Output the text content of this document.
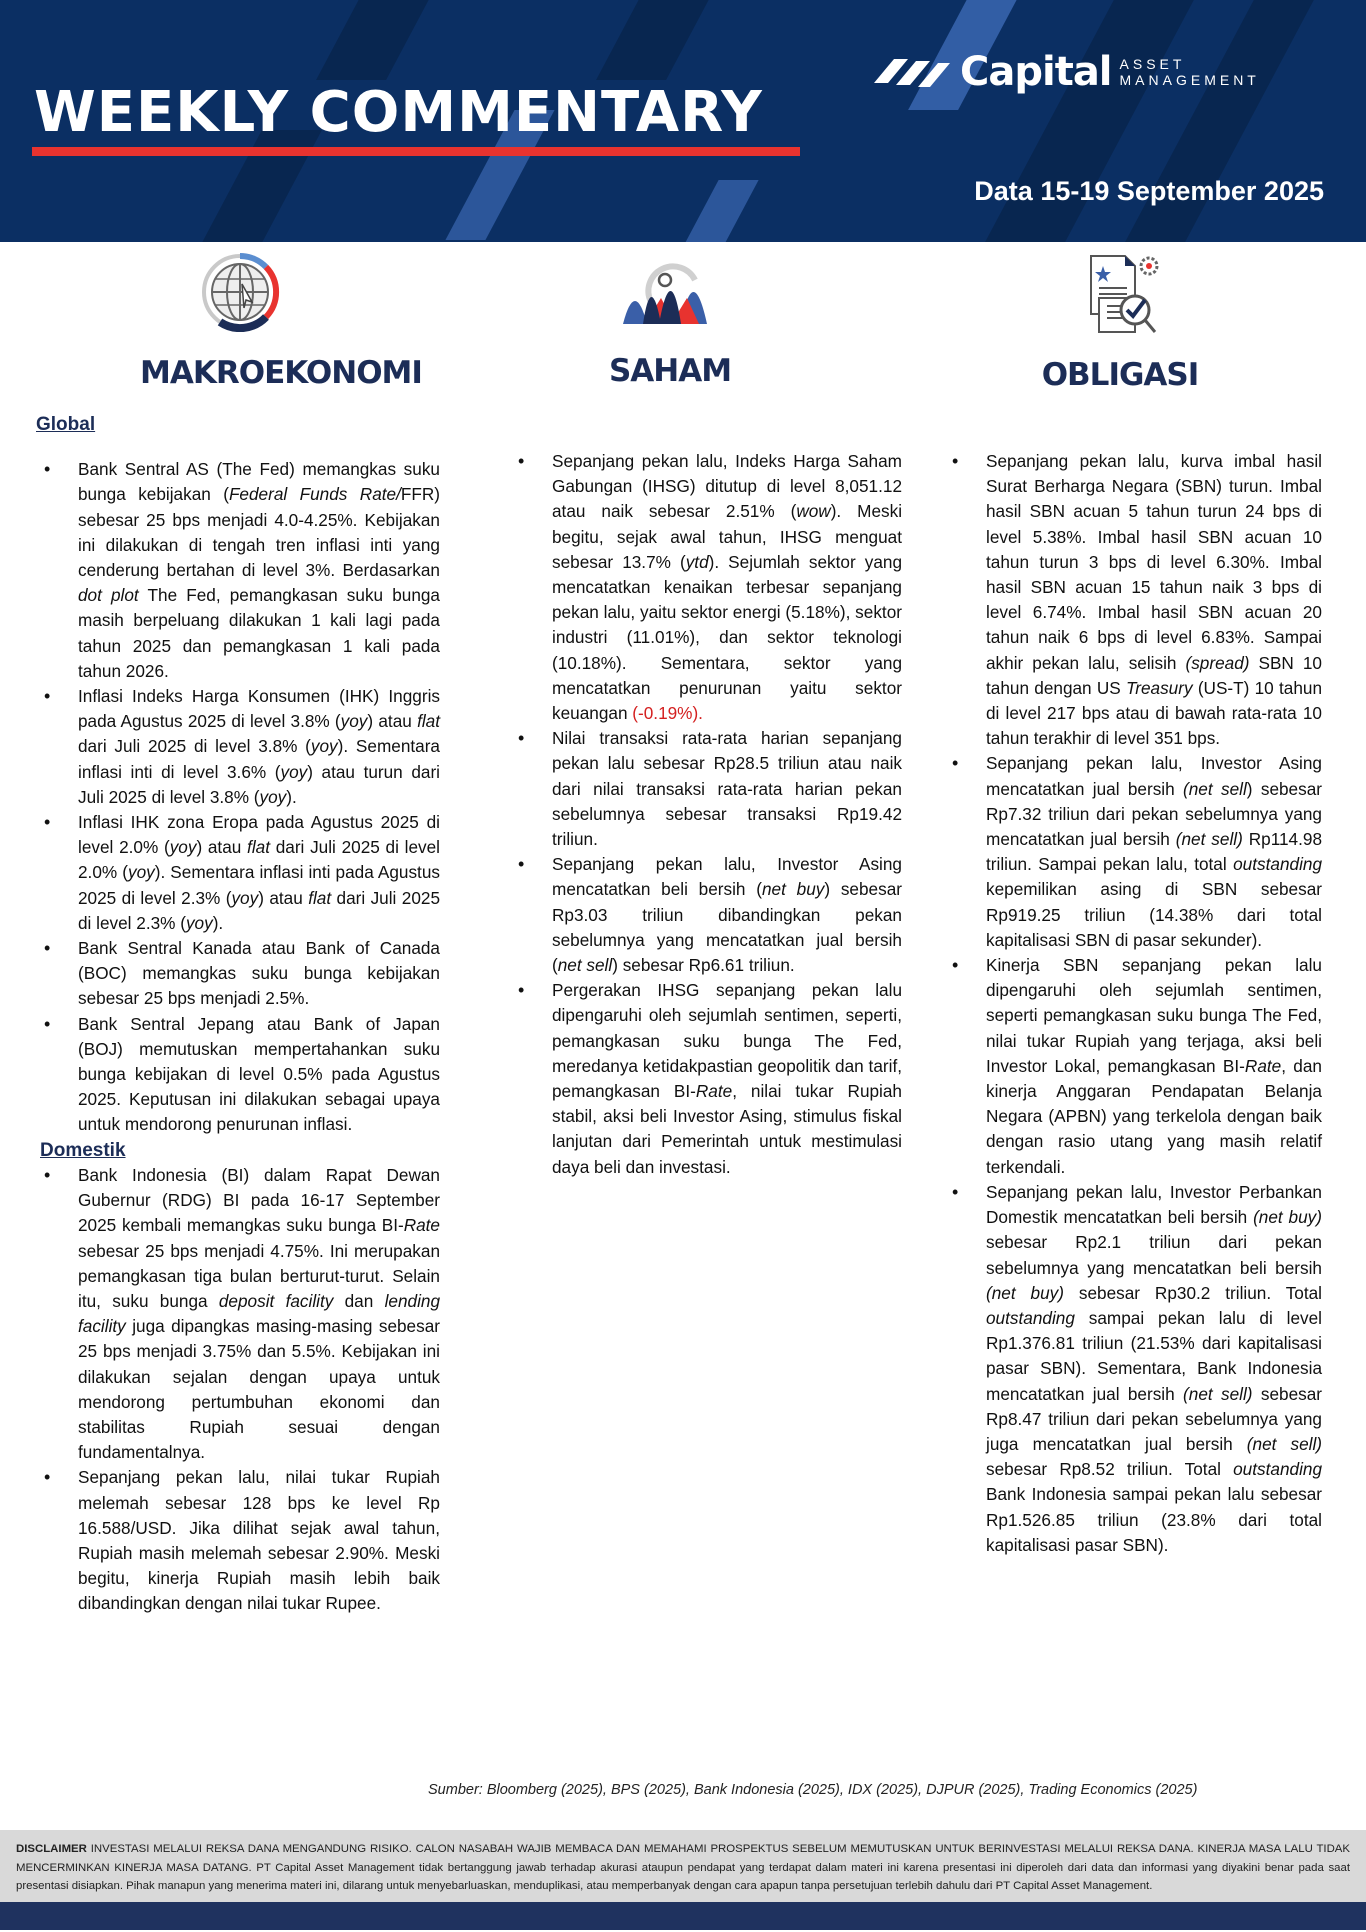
WEEKLY COMMENTARY
Capital ASSET
MANAGEMENT
Data 15-19 September 2025
MAKROEKONOMI	SAHAM	OBLIGASI
Global
• Bank Sentral AS (The Fed) memangkas suku bunga kebijakan (Federal Funds Rate/FFR) sebesar 25 bps menjadi 4.0-4.25%. Kebijakan ini dilakukan di tengah tren inflasi inti yang cenderung bertahan di level 3%. Berdasarkan dot plot The Fed, pemangkasan suku bunga masih berpeluang dilakukan 1 kali lagi pada tahun 2025 dan pemangkasan 1 kali pada tahun 2026.
• Inflasi Indeks Harga Konsumen (IHK) Inggris pada Agustus 2025 di level 3.8% (yoy) atau flat dari Juli 2025 di level 3.8% (yoy). Sementara inflasi inti di level 3.6% (yoy) atau turun dari Juli 2025 di level 3.8% (yoy).
• Inflasi IHK zona Eropa pada Agustus 2025 di level 2.0% (yoy) atau flat dari Juli 2025 di level 2.0% (yoy). Sementara inflasi inti pada Agustus 2025 di level 2.3% (yoy) atau flat dari Juli 2025 di level 2.3% (yoy).
• Bank Sentral Kanada atau Bank of Canada (BOC) memangkas suku bunga kebijakan sebesar 25 bps menjadi 2.5%.
• Bank Sentral Jepang atau Bank of Japan (BOJ) memutuskan mempertahankan suku bunga kebijakan di level 0.5% pada Agustus 2025. Keputusan ini dilakukan sebagai upaya untuk mendorong penurunan inflasi.
Domestik
• Bank Indonesia (BI) dalam Rapat Dewan Gubernur (RDG) BI pada 16-17 September 2025 kembali memangkas suku bunga BI-Rate sebesar 25 bps menjadi 4.75%. Ini merupakan pemangkasan tiga bulan berturut-turut. Selain itu, suku bunga deposit facility dan lending facility juga dipangkas masing-masing sebesar 25 bps menjadi 3.75% dan 5.5%. Kebijakan ini dilakukan sejalan dengan upaya untuk mendorong pertumbuhan ekonomi dan stabilitas Rupiah sesuai dengan fundamentalnya.
• Sepanjang pekan lalu, nilai tukar Rupiah melemah sebesar 128 bps ke level Rp 16.588/USD. Jika dilihat sejak awal tahun, Rupiah masih melemah sebesar 2.90%. Meski begitu, kinerja Rupiah masih lebih baik dibandingkan dengan nilai tukar Rupee.
• Sepanjang pekan lalu, Indeks Harga Saham Gabungan (IHSG) ditutup di level 8,051.12 atau naik sebesar 2.51% (wow). Meski begitu, sejak awal tahun, IHSG menguat sebesar 13.7% (ytd). Sejumlah sektor yang mencatatkan kenaikan terbesar sepanjang pekan lalu, yaitu sektor energi (5.18%), sektor industri (11.01%), dan sektor teknologi (10.18%). Sementara, sektor yang mencatatkan penurunan yaitu sektor keuangan (-0.19%).
• Nilai transaksi rata-rata harian sepanjang pekan lalu sebesar Rp28.5 triliun atau naik dari nilai transaksi rata-rata harian pekan sebelumnya sebesar transaksi Rp19.42 triliun.
• Sepanjang pekan lalu, Investor Asing mencatatkan beli bersih (net buy) sebesar Rp3.03 triliun dibandingkan pekan sebelumnya yang mencatatkan jual bersih (net sell) sebesar Rp6.61 triliun.
• Pergerakan IHSG sepanjang pekan lalu dipengaruhi oleh sejumlah sentimen, seperti, pemangkasan suku bunga The Fed, meredanya ketidakpastian geopolitik dan tarif, pemangkasan BI-Rate, nilai tukar Rupiah stabil, aksi beli Investor Asing, stimulus fiskal lanjutan dari Pemerintah untuk mestimulasi daya beli dan investasi.
• Sepanjang pekan lalu, kurva imbal hasil Surat Berharga Negara (SBN) turun. Imbal hasil SBN acuan 5 tahun turun 24 bps di level 5.38%. Imbal hasil SBN acuan 10 tahun turun 3 bps di level 6.30%. Imbal hasil SBN acuan 15 tahun naik 3 bps di level 6.74%. Imbal hasil SBN acuan 20 tahun naik 6 bps di level 6.83%. Sampai akhir pekan lalu, selisih (spread) SBN 10 tahun dengan US Treasury (US-T) 10 tahun di level 217 bps atau di bawah rata-rata 10 tahun terakhir di level 351 bps.
• Sepanjang pekan lalu, Investor Asing mencatatkan jual bersih (net sell) sebesar Rp7.32 triliun dari pekan sebelumnya yang mencatatkan jual bersih (net sell) Rp114.98 triliun. Sampai pekan lalu, total outstanding kepemilikan asing di SBN sebesar Rp919.25 triliun (14.38% dari total kapitalisasi SBN di pasar sekunder).
• Kinerja SBN sepanjang pekan lalu dipengaruhi oleh sejumlah sentimen, seperti pemangkasan suku bunga The Fed, nilai tukar Rupiah yang terjaga, aksi beli Investor Lokal, pemangkasan BI-Rate, dan kinerja Anggaran Pendapatan Belanja Negara (APBN) yang terkelola dengan baik dengan rasio utang yang masih relatif terkendali.
• Sepanjang pekan lalu, Investor Perbankan Domestik mencatatkan beli bersih (net buy) sebesar Rp2.1 triliun dari pekan sebelumnya yang mencatatkan beli bersih (net buy) sebesar Rp30.2 triliun. Total outstanding sampai pekan lalu di level Rp1.376.81 triliun (21.53% dari kapitalisasi pasar SBN). Sementara, Bank Indonesia mencatatkan jual bersih (net sell) sebesar Rp8.47 triliun dari pekan sebelumnya yang juga mencatatkan jual bersih (net sell) sebesar Rp8.52 triliun. Total outstanding Bank Indonesia sampai pekan lalu sebesar Rp1.526.85 triliun (23.8% dari total kapitalisasi pasar SBN).
Sumber: Bloomberg (2025), BPS (2025), Bank Indonesia (2025), IDX (2025), DJPUR (2025), Trading Economics (2025)
DISCLAIMER INVESTASI MELALUI REKSA DANA MENGANDUNG RISIKO. CALON NASABAH WAJIB MEMBACA DAN MEMAHAMI PROSPEKTUS SEBELUM MEMUTUSKAN UNTUK BERINVESTASI MELALUI REKSA DANA. KINERJA MASA LALU TIDAK MENCERMINKAN KINERJA MASA DATANG. PT Capital Asset Management tidak bertanggung jawab terhadap akurasi ataupun pendapat yang terdapat dalam materi ini karena presentasi ini diperoleh dari data dan informasi yang diyakini benar pada saat presentasi disiapkan. Pihak manapun yang menerima materi ini, dilarang untuk menyebarluaskan, menduplikasi, atau memperbanyak dengan cara apapun tanpa persetujuan terlebih dahulu dari PT Capital Asset Management.
